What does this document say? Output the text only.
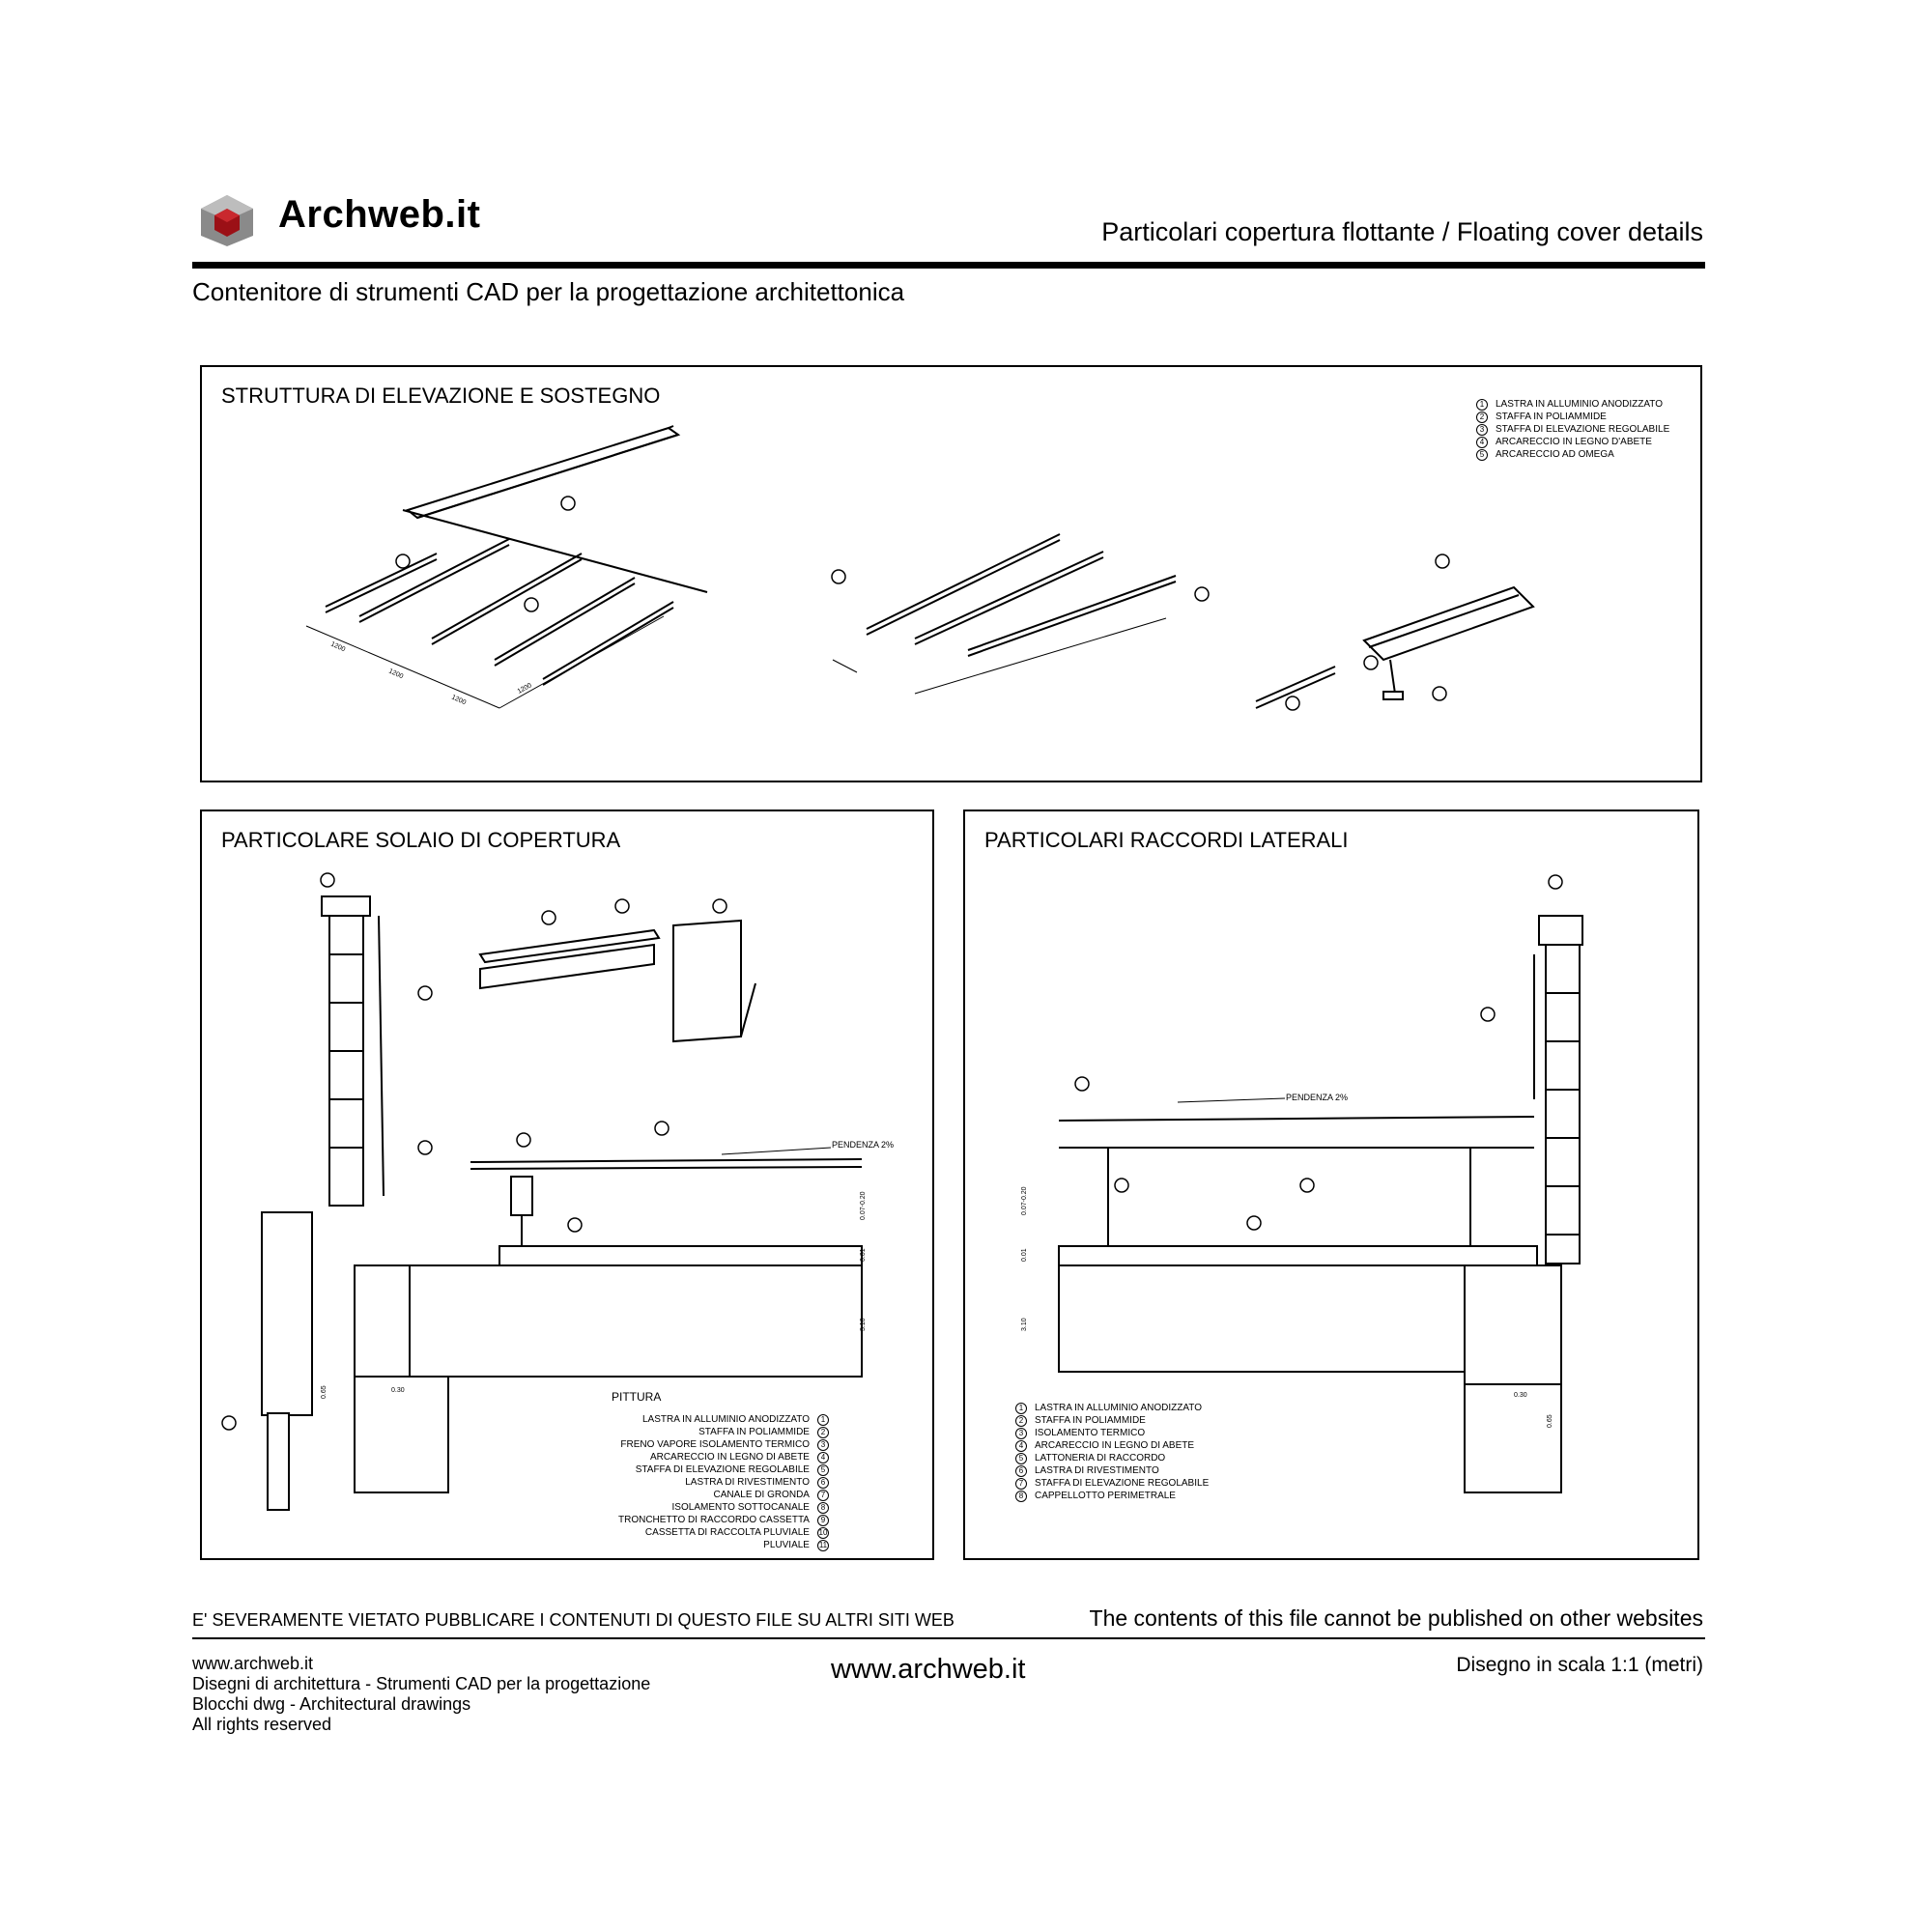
Archweb.it	Particolari copertura flottante / Floating cover details
Contenitore di strumenti CAD per la progettazione architettonica
STRUTTURA DI ELEVAZIONE E SOSTEGNO	1	LASTRA IN ALLUMINIO ANODIZZATO
2	STAFFA IN POLIAMMIDE
3	STAFFA DI ELEVAZIONE REGOLABILE
4	ARCARECCIO IN LEGNO D'ABETE
5	ARCARECCIO AD OMEGA
1200
1200
1200
1200
PARTICOLARE SOLAIO DI COPERTURA
PENDENZA 2%
PITTURA
0.30
0.65
3.10
0.07-0.20
0.01
LASTRA IN ALLUMINIO ANODIZZATO	1
STAFFA IN POLIAMMIDE	2
FRENO VAPORE ISOLAMENTO TERMICO	3
ARCARECCIO IN LEGNO DI ABETE	4
STAFFA DI ELEVAZIONE REGOLABILE	5
LASTRA DI RIVESTIMENTO	6
CANALE DI GRONDA	7
ISOLAMENTO SOTTOCANALE	8
TRONCHETTO DI RACCORDO CASSETTA	9
CASSETTA DI RACCOLTA PLUVIALE 10
PLUVIALE 11
PARTICOLARI RACCORDI LATERALI
PENDENZA 2%
0.30
0.65
3.10
0.07-0.20
0.01
1	LASTRA IN ALLUMINIO ANODIZZATO
2	STAFFA IN POLIAMMIDE
3	ISOLAMENTO TERMICO
4	ARCARECCIO IN LEGNO DI ABETE
5	LATTONERIA DI RACCORDO
6	LASTRA DI RIVESTIMENTO
7	STAFFA DI ELEVAZIONE REGOLABILE
8	CAPPELLOTTO PERIMETRALE
E' SEVERAMENTE VIETATO PUBBLICARE I CONTENUTI DI QUESTO FILE SU ALTRI SITI WEB	The contents of this file cannot be published on other websites
www.archweb.it
Disegni di architettura - Strumenti CAD per la progettazione
Blocchi dwg - Architectural drawings
All rights reserved
www.archweb.it	Disegno in scala 1:1 (metri)
